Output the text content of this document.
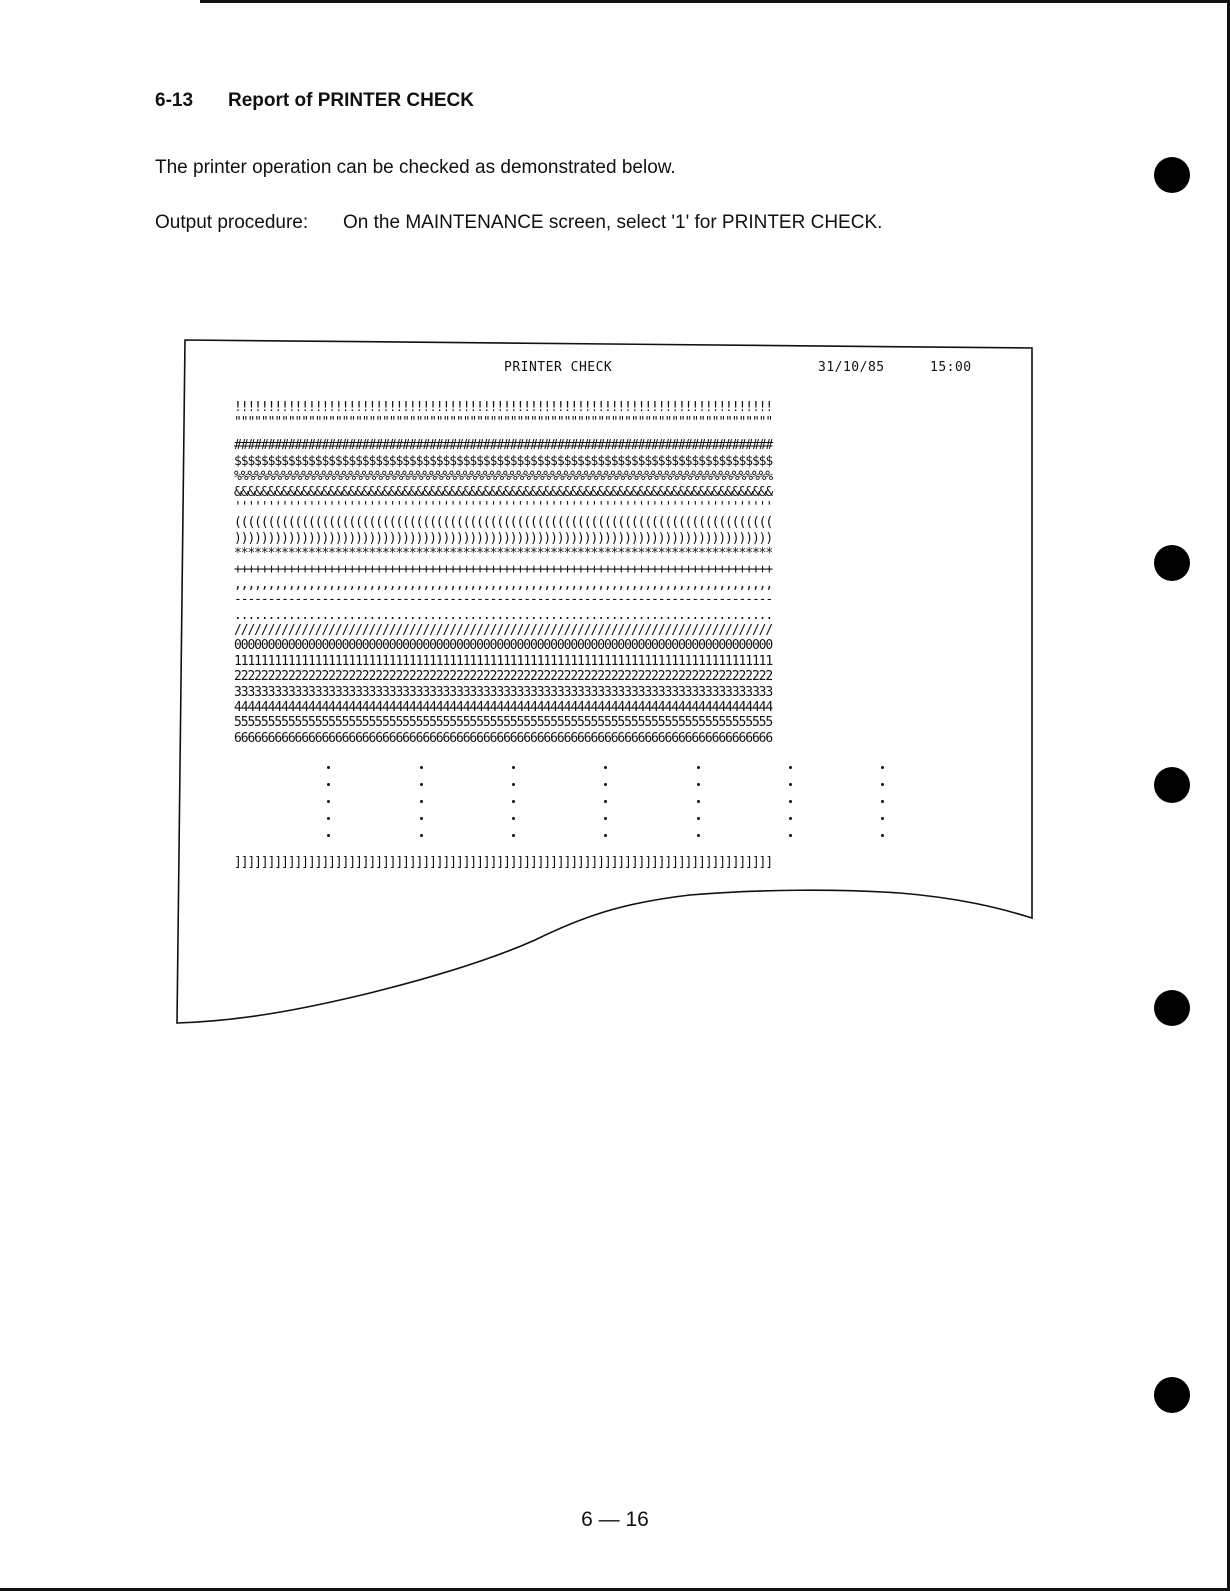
6-13 Report of PRINTER CHECK
The printer operation can be checked as demonstrated below.
Output procedure: On the MAINTENANCE screen, select '1' for PRINTER CHECK.
PRINTER CHECK	31/10/85	15:00
!!!!!!!!!!!!!!!!!!!!!!!!!!!!!!!!!!!!!!!!!!!!!!!!!!!!!!!!!!!!!!!!!!!!!!!!!!!!!!!!
""""""""""""""""""""""""""""""""""""""""""""""""""""""""""""""""""""""""""""""""
################################################################################
$$$$$$$$$$$$$$$$$$$$$$$$$$$$$$$$$$$$$$$$$$$$$$$$$$$$$$$$$$$$$$$$$$$$$$$$$$$$$$$$
%%%%%%%%%%%%%%%%%%%%%%%%%%%%%%%%%%%%%%%%%%%%%%%%%%%%%%%%%%%%%%%%%%%%%%%%%%%%%%%%
&&&&&&&&&&&&&&&&&&&&&&&&&&&&&&&&&&&&&&&&&&&&&&&&&&&&&&&&&&&&&&&&&&&&&&&&&&&&&&&&
''''''''''''''''''''''''''''''''''''''''''''''''''''''''''''''''''''''''''''''''
((((((((((((((((((((((((((((((((((((((((((((((((((((((((((((((((((((((((((((((((
))))))))))))))))))))))))))))))))))))))))))))))))))))))))))))))))))))))))))))))))
********************************************************************************
++++++++++++++++++++++++++++++++++++++++++++++++++++++++++++++++++++++++++++++++
,,,,,,,,,,,,,,,,,,,,,,,,,,,,,,,,,,,,,,,,,,,,,,,,,,,,,,,,,,,,,,,,,,,,,,,,,,,,,,,,
--------------------------------------------------------------------------------
................................................................................
////////////////////////////////////////////////////////////////////////////////
00000000000000000000000000000000000000000000000000000000000000000000000000000000
11111111111111111111111111111111111111111111111111111111111111111111111111111111
22222222222222222222222222222222222222222222222222222222222222222222222222222222
33333333333333333333333333333333333333333333333333333333333333333333333333333333
44444444444444444444444444444444444444444444444444444444444444444444444444444444
55555555555555555555555555555555555555555555555555555555555555555555555555555555
66666666666666666666666666666666666666666666666666666666666666666666666666666666
]]]]]]]]]]]]]]]]]]]]]]]]]]]]]]]]]]]]]]]]]]]]]]]]]]]]]]]]]]]]]]]]]]]]]]]]]]]]]]]]
6 — 16
